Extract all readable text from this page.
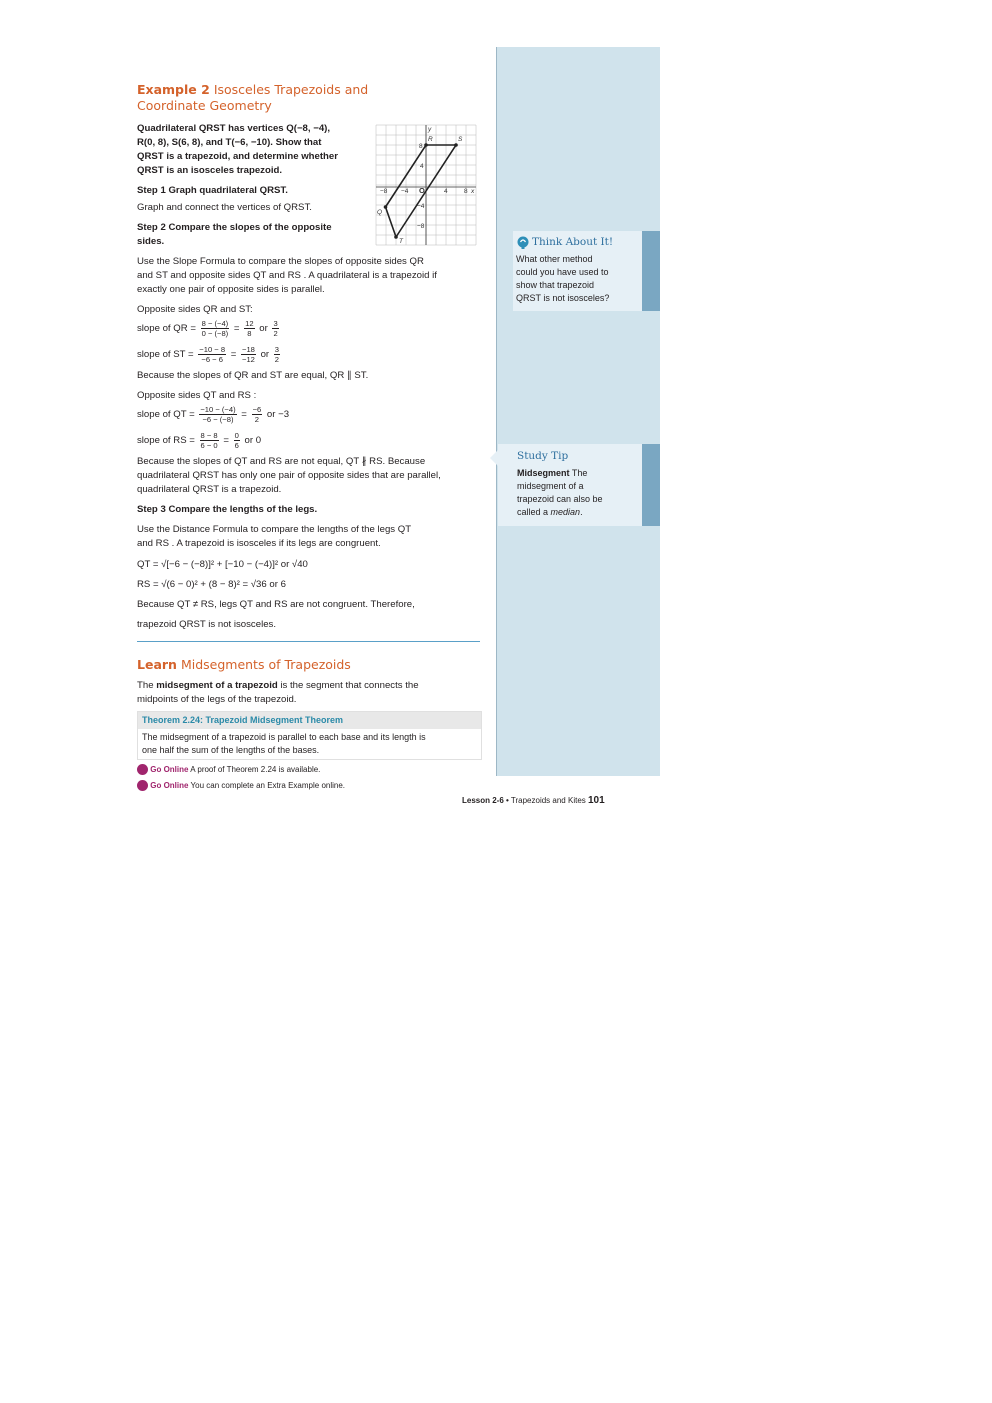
Think About It!
What other method
could you have used to
show that trapezoid
QRST is not isosceles?
Study Tip
Midsegment The
midsegment of a
trapezoid can also be
called a median.
Example 2 Isosceles Trapezoids and
Coordinate Geometry
Quadrilateral QRST has vertices Q(−8, −4),
R(0, 8), S(6, 8), and T(−6, −10). Show that
QRST is a trapezoid, and determine whether
QRST is an isosceles trapezoid.
Step 1 Graph quadrilateral QRST.
Graph and connect the vertices of QRST.
Step 2 Compare the slopes of the opposite
sides.
−8 −4 O	4	8 x
y
8
4
−4
−8
Q
R	S
T
Use the Slope Formula to compare the slopes of opposite sides QR
and ST and opposite sides QT and RS . A quadrilateral is a trapezoid if
exactly one pair of opposite sides is parallel.
Opposite sides QR and ST:
slope of QR = $\frac{8 - (-4)}{0 - (-8)} = \frac{12}{8}$ or $\frac{3}{2}$
slope of ST = $\frac{-10 - 8}{-6 - 6} = \frac{-18}{-12}$ or $\frac{3}{2}$
Because the slopes of QR and ST are equal, QR ∥ ST.
Opposite sides QT and RS :
slope of QT = $\frac{-10 - (-4)}{-6 - (-8)} = \frac{-6}{2}$ or −3
slope of RS = $\frac{8 - 8}{6 - 0} = \frac{0}{6}$ or 0
Because the slopes of QT and RS are not equal, QT ∦ RS. Because
quadrilateral QRST has only one pair of opposite sides that are parallel,
quadrilateral QRST is a trapezoid.
Step 3 Compare the lengths of the legs.
Use the Distance Formula to compare the lengths of the legs QT
and RS . A trapezoid is isosceles if its legs are congruent.
QT = √[−6 − (−8)]² + [−10 − (−4)]² or √40
RS = √(6 − 0)² + (8 − 8)² = √36 or 6
Because QT ≠ RS, legs QT and RS are not congruent. Therefore,
trapezoid QRST is not isosceles.
Learn Midsegments of Trapezoids
The midsegment of a trapezoid is the segment that connects the
midpoints of the legs of the trapezoid.
Theorem 2.24: Trapezoid Midsegment Theorem
The midsegment of a trapezoid is parallel to each base and its length is
one half the sum of the lengths of the bases.
Go Online A proof of Theorem 2.24 is available.
Go Online You can complete an Extra Example online.
Lesson 2-6 • Trapezoids and Kites 101
